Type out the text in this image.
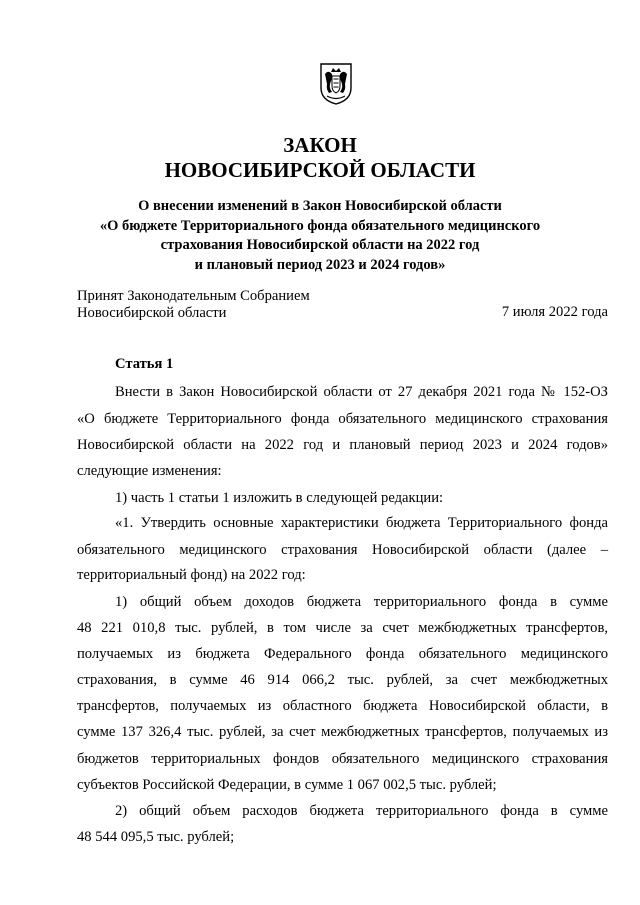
ЗАКОН
НОВОСИБИРСКОЙ ОБЛАСТИ
О внесении изменений в Закон Новосибирской области
«О бюджете Территориального фонда обязательного медицинского
страхования Новосибирской области на 2022 год
и плановый период 2023 и 2024 годов»
Принят Законодательным Собранием
Новосибирской области	7 июля 2022 года
Статья 1
Внести в Закон Новосибирской области от 27 декабря 2021 года № 152-ОЗ
«О бюджете Территориального фонда обязательного медицинского страхования
Новосибирской области на 2022 год и плановый период 2023 и 2024 годов»
следующие изменения:
1) часть 1 статьи 1 изложить в следующей редакции:
«1. Утвердить основные характеристики бюджета Территориального фонда
обязательного медицинского страхования Новосибирской области (далее –
территориальный фонд) на 2022 год:
1) общий объем доходов бюджета территориального фонда в сумме
48 221 010,8 тыс. рублей, в том числе за счет межбюджетных трансфертов,
получаемых из бюджета Федерального фонда обязательного медицинского
страхования, в сумме 46 914 066,2 тыс. рублей, за счет межбюджетных
трансфертов, получаемых из областного бюджета Новосибирской области, в
сумме 137 326,4 тыс. рублей, за счет межбюджетных трансфертов, получаемых из
бюджетов территориальных фондов обязательного медицинского страхования
субъектов Российской Федерации, в сумме 1 067 002,5 тыс. рублей;
2) общий объем расходов бюджета территориального фонда в сумме
48 544 095,5 тыс. рублей;
